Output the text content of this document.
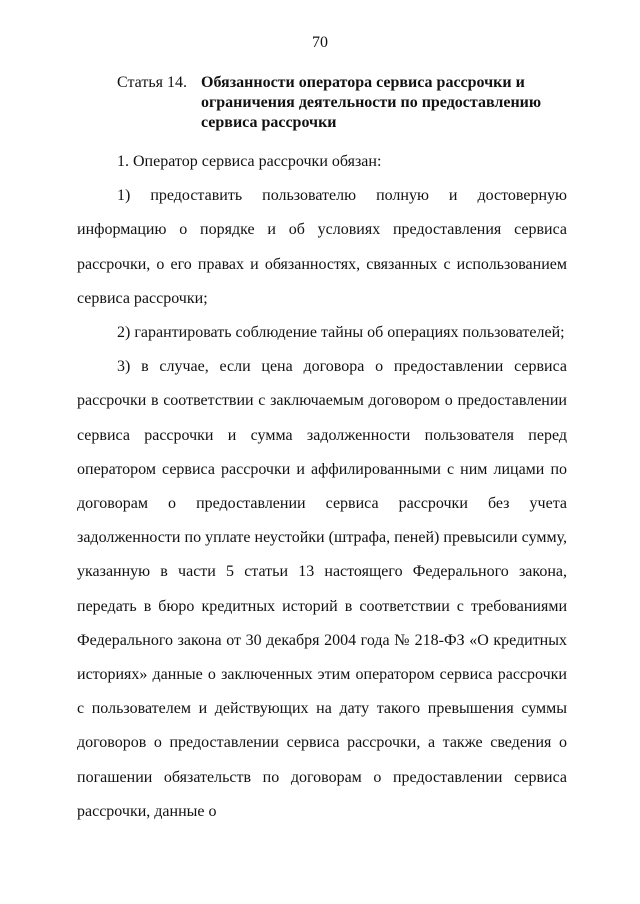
70
Статья 14. Обязанности оператора сервиса рассрочки и ограничения деятельности по предоставлению сервиса рассрочки

1. Оператор сервиса рассрочки обязан:

1) предоставить пользователю полную и достоверную информацию о порядке и об условиях предоставления сервиса рассрочки, о его правах и обязанностях, связанных с использованием сервиса рассрочки;

2) гарантировать соблюдение тайны об операциях пользователей;

3) в случае, если цена договора о предоставлении сервиса рассрочки в соответствии с заключаемым договором о предоставлении сервиса рассрочки и сумма задолженности пользователя перед оператором сервиса рассрочки и аффилированными с ним лицами по договорам о предоставлении сервиса рассрочки без учета задолженности по уплате неустойки (штрафа, пеней) превысили сумму, указанную в части 5 статьи 13 настоящего Федерального закона, передать в бюро кредитных историй в соответствии с требованиями Федерального закона от 30 декабря 2004 года № 218-ФЗ «О кредитных историях» данные о заключенных этим оператором сервиса рассрочки с пользователем и действующих на дату такого превышения суммы договоров о предоставлении сервиса рассрочки, а также сведения о погашении обязательств по договорам о предоставлении сервиса рассрочки, данные о
